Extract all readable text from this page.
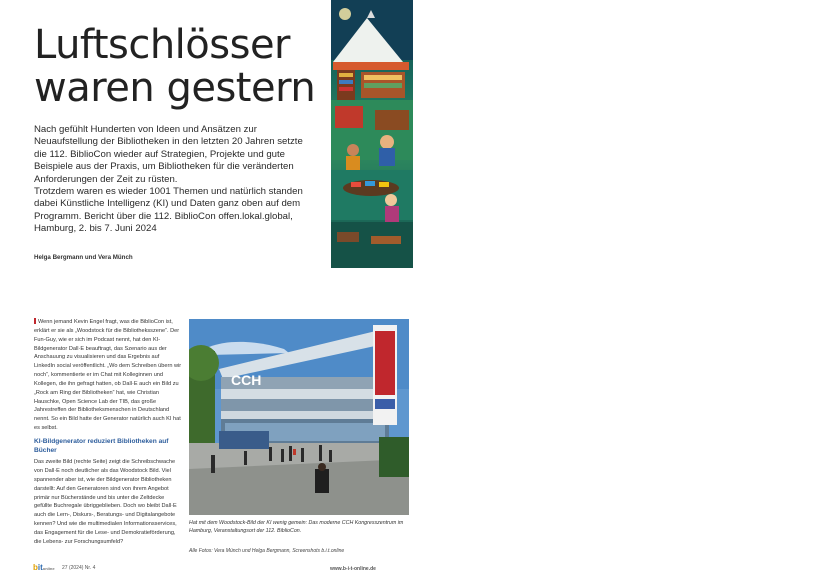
Luftschlösser
waren gestern

Nach gefühlt Hunderten von Ideen und Ansätzen zur Neuaufstellung der Bibliotheken in den letzten 20 Jahren setzte die 112. BiblioCon wieder auf Strategien, Projekte und gute Beispiele aus der Praxis, um Bibliotheken für die veränderten Anforderungen der Zeit zu rüsten.

Trotzdem waren es wieder 1001 Themen und natürlich standen dabei Künstliche Intelligenz (KI) und Daten ganz oben auf dem Programm. Bericht über die 112. BiblioCon offen.lokal.global, Hamburg, 2. bis 7. Juni 2024

Helga Bergmann und Vera Münch

Wenn jemand Kevin Engel fragt, was die BiblioCon ist, erklärt er sie als „Woodstock für die Bibliotheksszene“. Der Fun-Guy, wie er sich im Podcast nennt, hat den KI-Bildgenerator Dall·E beauftragt, das Szenario aus der Anschauung zu visualisieren und das Ergebnis auf LinkedIn social veröffentlicht. „Wo dem Schreiben übern wir noch“, kommentierte er im Chat mit Kolleginnen und Kollegen, die ihn gefragt hatten, ob Dall·E auch ein Bild zu „Rock am Ring der Bibliotheken“ hat, wie Christian Hauschke, Open Science Lab der TIB, das große Jahrestreffen der Bibliotheksmenschen in Deutschland nennt. So ein Bild hatte der Generator natürlich auch KI hat es selbst.

KI-Bildgenerator reduziert Bibliotheken auf Bücher

Das zweite Bild (rechte Seite) zeigt die Schreibschwache von Dall·E noch deutlicher als das Woodstock Bild. Viel spannender aber ist, wie der Bildgenerator Bibliotheken darstellt: Auf den Generatoren sind von ihrem Angebot primär nur Bücherstände und bis unter die Zeltdecke gefüllte Buchregale übriggeblieben. Doch wo bleibt Dall·E auch die Lern-, Diskurs-, Beratungs- und Digitalangebote kennen? Und wie die multimedialen Informationsservices, das Engagement für die Lese- und Demokratieförderung, die Lebens- zur Forschungsumfeld?

CCH

Hat mit dem Woodstock-Bild der KI wenig gemein: Das moderne CCH Kongresszentrum im Hamburg, Veranstaltungsort der 112. BiblioCon.

Alle Fotos: Vera Münch und Helga Bergmann, Screenshots b.i.t.online
bitonline 27 (2024) Nr. 4	www.b-i-t-online.de
